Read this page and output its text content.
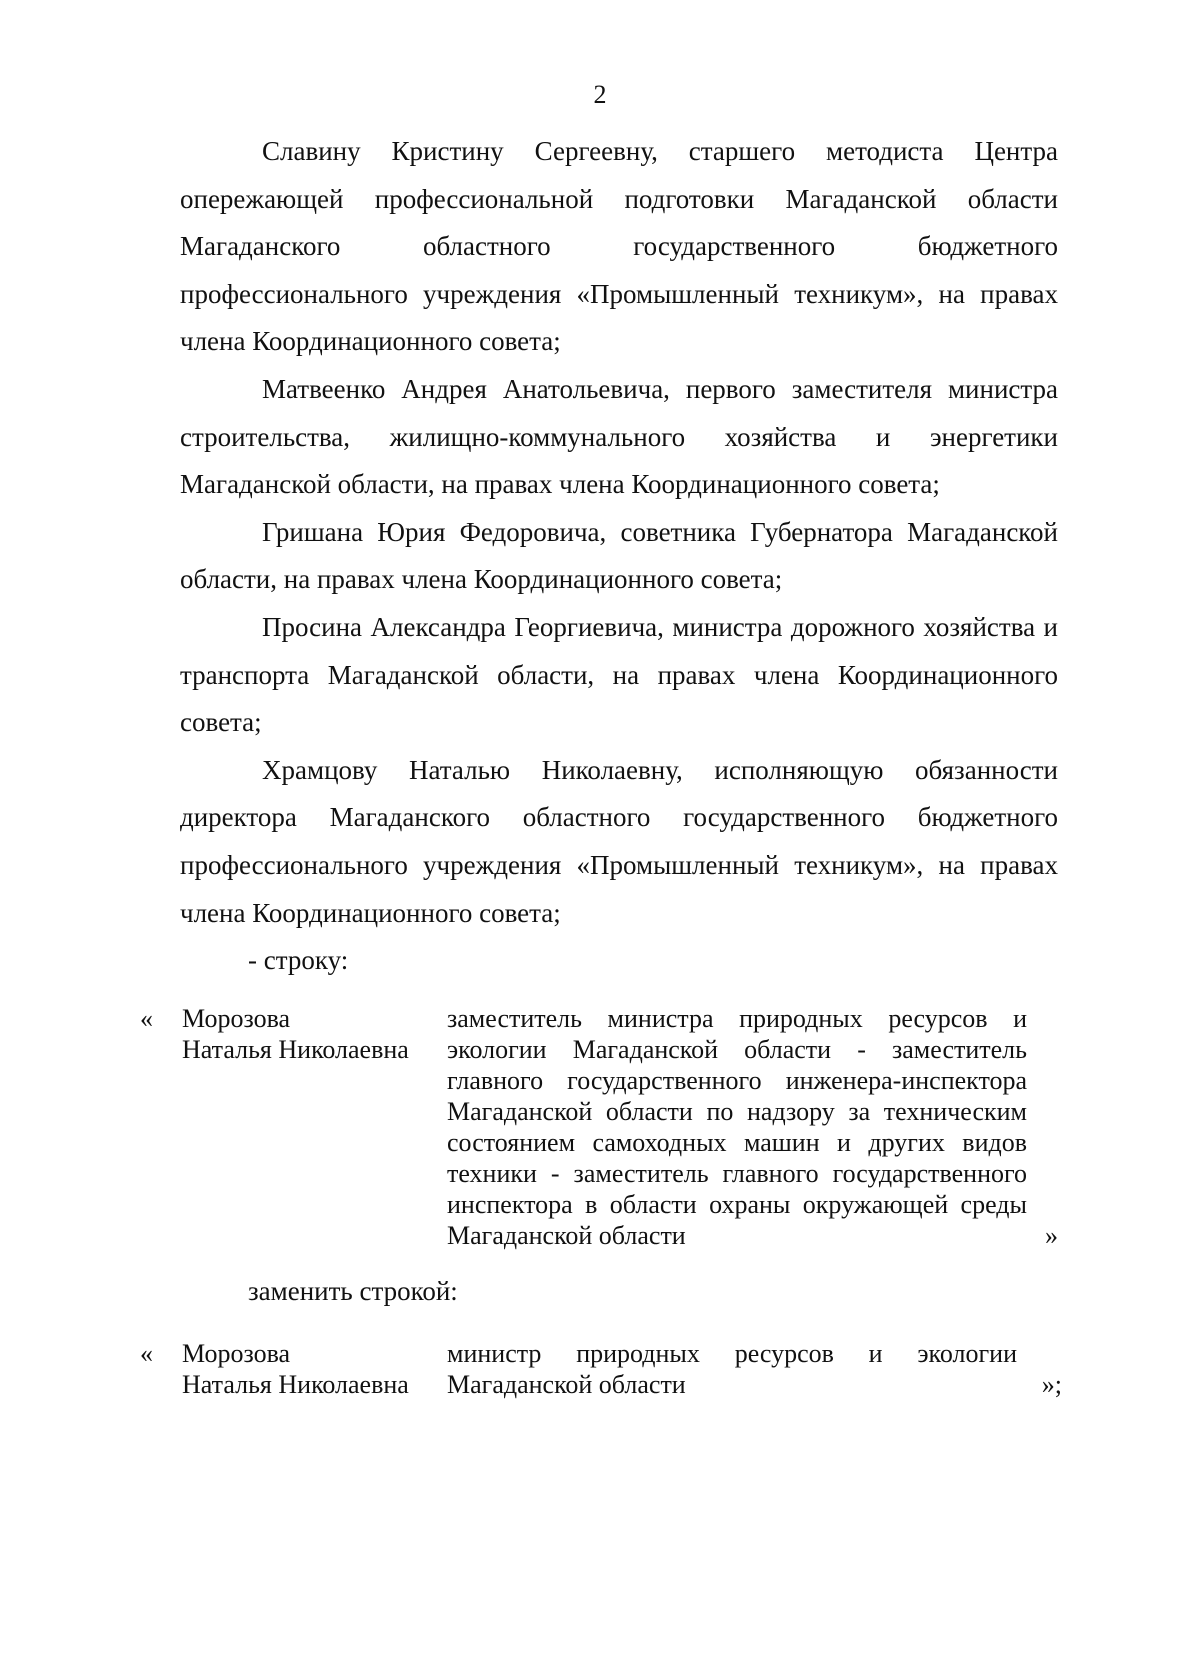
2

Славину Кристину Сергеевну, старшего методиста Центра опережающей профессиональной подготовки Магаданской области Магаданского областного государственного бюджетного профессионального учреждения «Промышленный техникум», на правах члена Координационного совета;

Матвеенко Андрея Анатольевича, первого заместителя министра строительства, жилищно-коммунального хозяйства и энергетики Магаданской области, на правах члена Координационного совета;

Гришана Юрия Федоровича, советника Губернатора Магаданской области, на правах члена Координационного совета;

Просина Александра Георгиевича, министра дорожного хозяйства и транспорта Магаданской области, на правах члена Координационного совета;

Храмцову Наталью Николаевну, исполняющую обязанности директора Магаданского областного государственного бюджетного профессионального учреждения «Промышленный техникум», на правах члена Координационного совета;

- строку:

« Морозова
Наталья Николаевна
заместитель министра природных ресурсов и экологии Магаданской области - заместитель главного государственного инженера-инспектора Магаданской области по надзору за техническим состоянием самоходных машин и других видов техники - заместитель главного государственного инспектора в области охраны окружающей среды Магаданской области	»
заменить строкой:
« Морозова
Наталья Николаевна
министр природных ресурсов и экологии Магаданской области	»;
